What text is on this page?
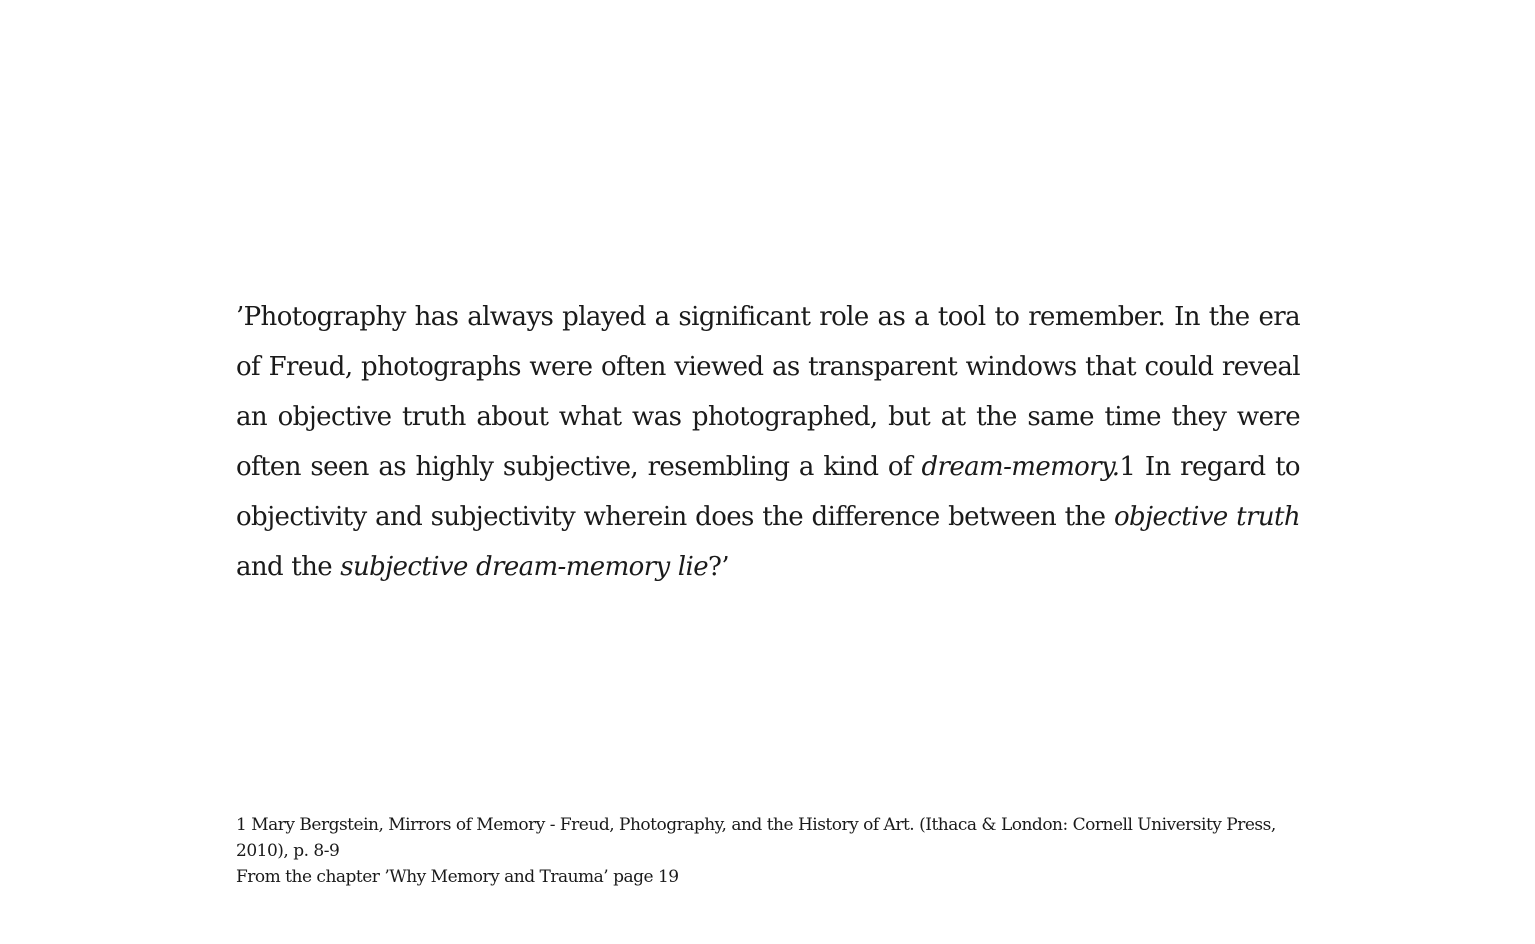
’Photography has always played a significant role as a tool to remember. In the era of Freud, photographs were often viewed as transparent windows that could reveal an objective truth about what was photographed, but at the same time they were often seen as highly subjective, resembling a kind of dream-memory.1 In regard to objectivity and subjectivity wherein does the difference between the objective truth and the subjective dream-memory lie?’

1 Mary Bergstein, Mirrors of Memory - Freud, Photography, and the History of Art. (Ithaca & London: Cornell University Press, 2010), p. 8-9
From the chapter ’Why Memory and Trauma’ page 19
